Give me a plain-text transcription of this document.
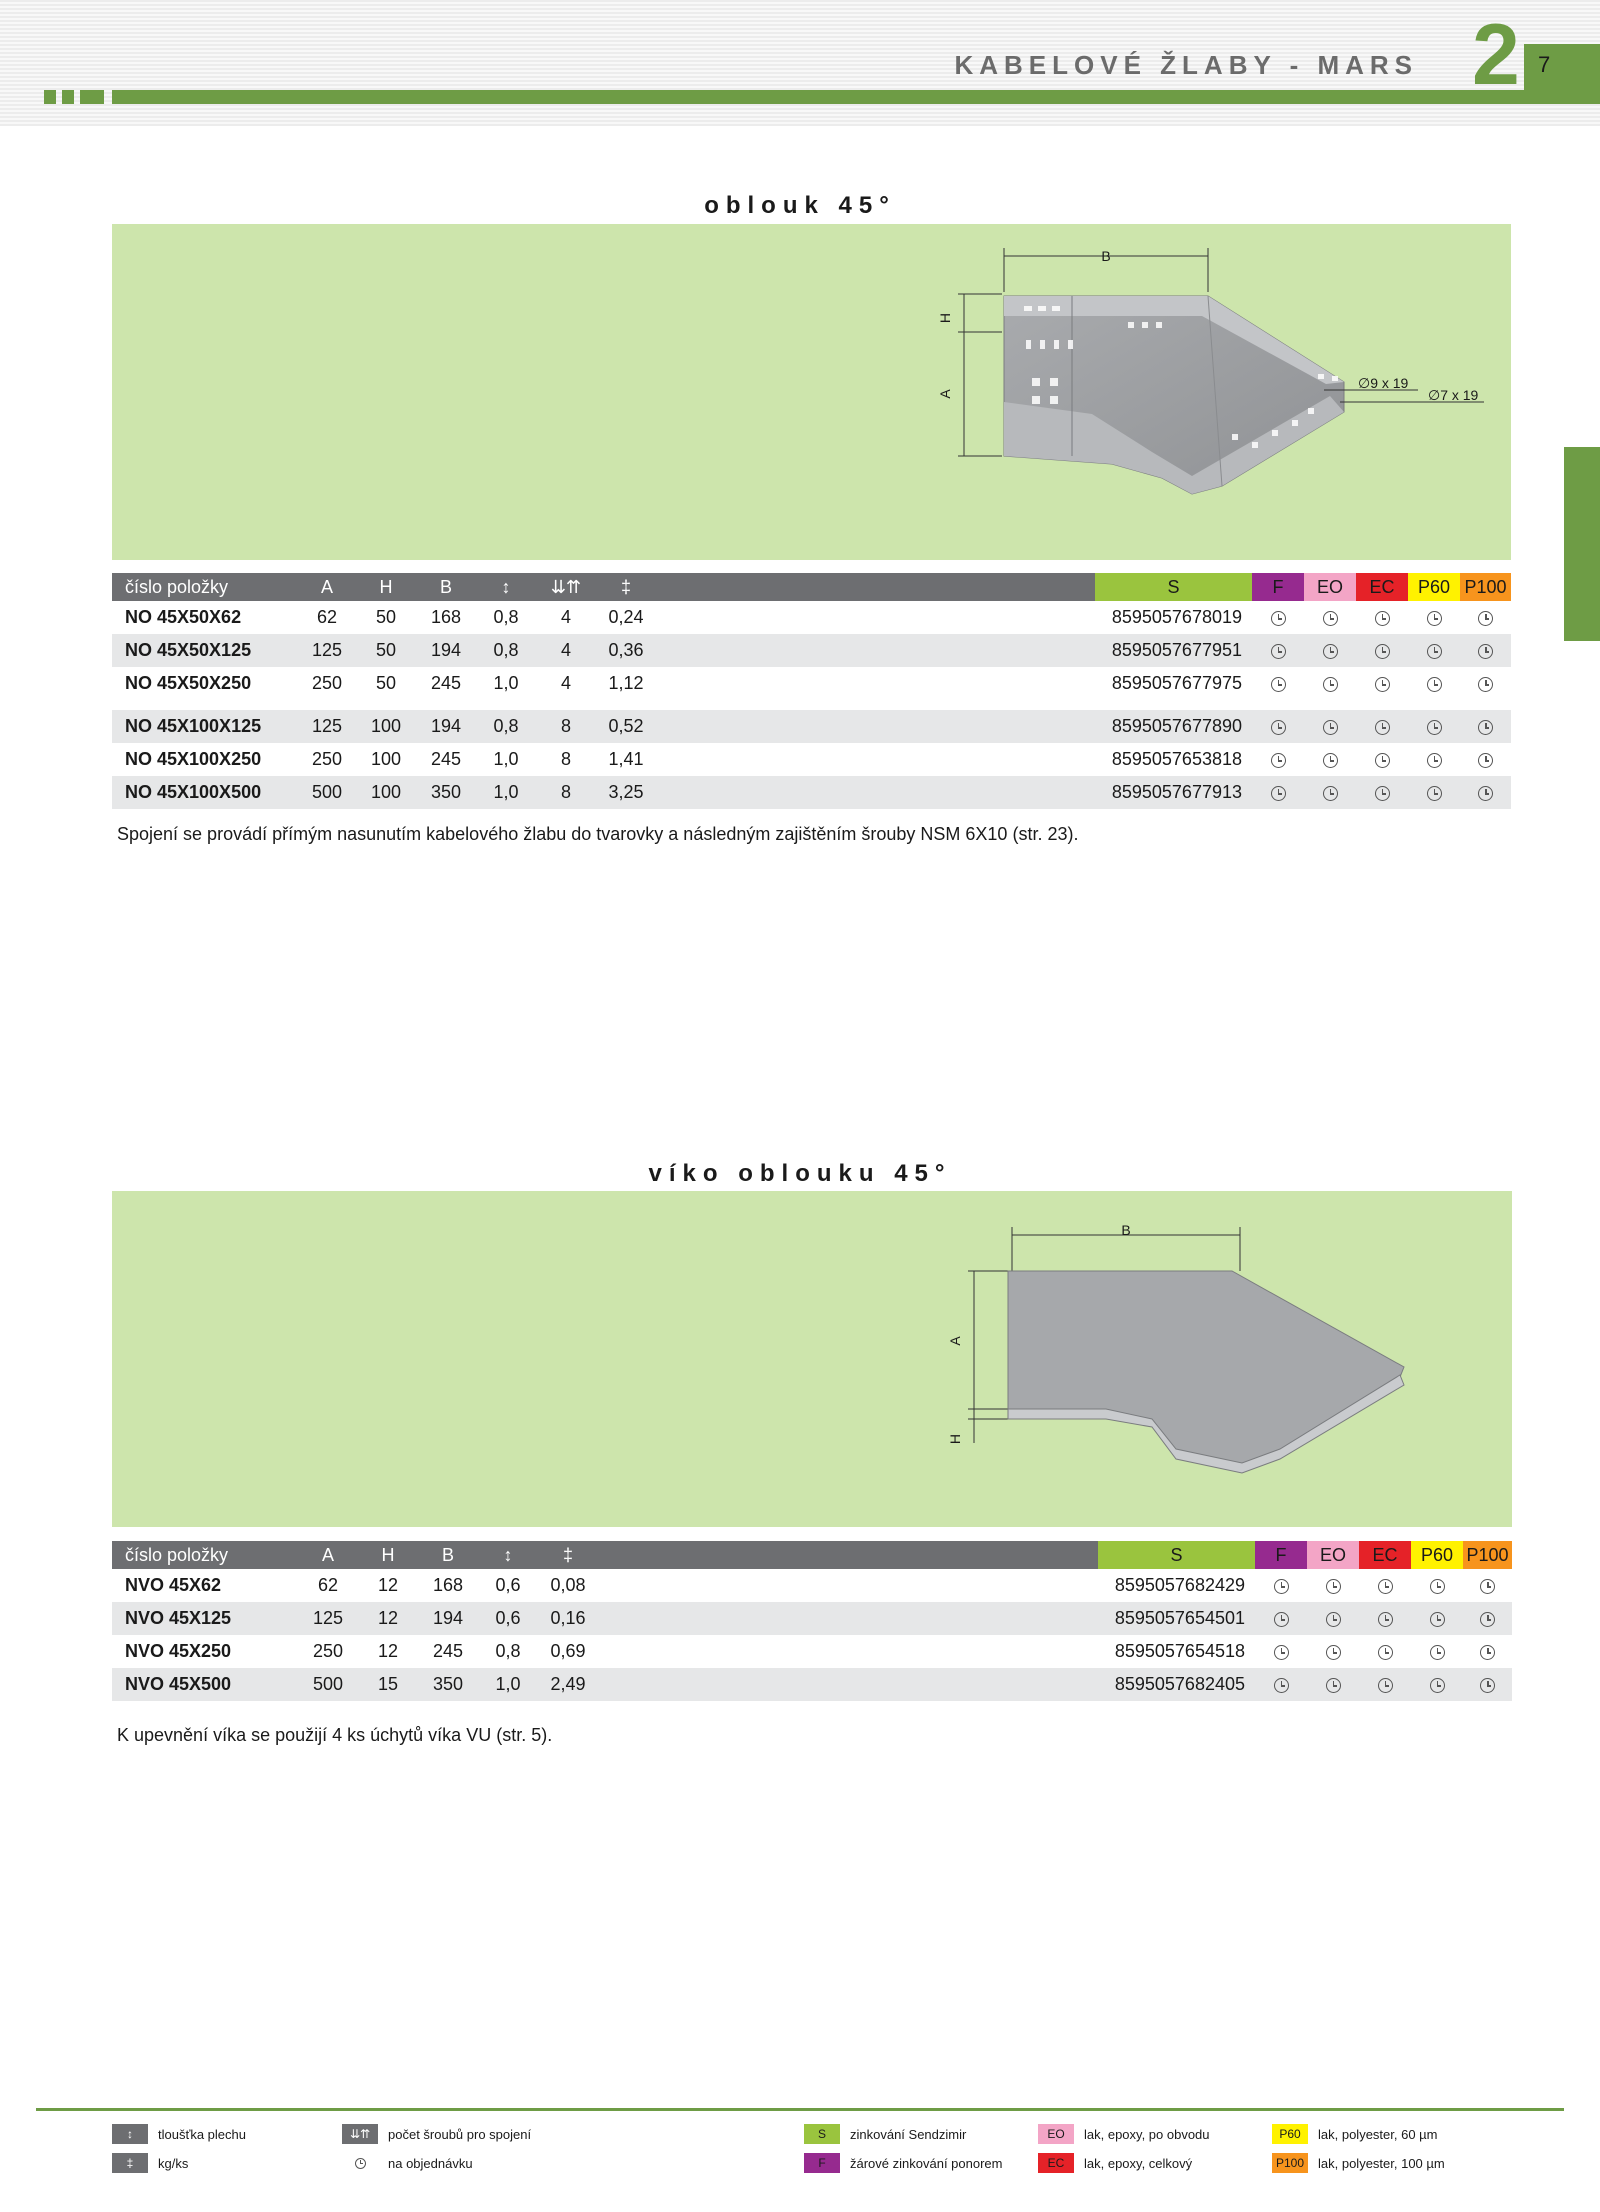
KABELOVÉ ŽLABY - MARS 2 7
oblouk 45°
B
H
A
∅9 x 19
∅7 x 19
číslo položky	A	H	B	↕	⇊⇈	‡		S	F	EO	EC	P60	P100
NO 45X50X62	62	50	168	0,8	4	0,24		8595057678019					
NO 45X50X125	125	50	194	0,8	4	0,36		8595057677951					
NO 45X50X250	250	50	245	1,0	4	1,12		8595057677975					

NO 45X100X125	125	100	194	0,8	8	0,52		8595057677890					
NO 45X100X250	250	100	245	1,0	8	1,41		8595057653818					
NO 45X100X500	500	100	350	1,0	8	3,25		8595057677913					
Spojení se provádí přímým nasunutím kabelového žlabu do tvarovky a následným zajištěním šrouby NSM 6X10 (str. 23).
víko oblouku 45°
B
A
H
číslo položky	A	H	B	↕	‡		S	F	EO	EC	P60	P100
NVO 45X62	62	12	168	0,6	0,08		8595057682429					
NVO 45X125	125	12	194	0,6	0,16		8595057654501					
NVO 45X250	250	12	245	0,8	0,69		8595057654518					
NVO 45X500	500	15	350	1,0	2,49		8595057682405					
K upevnění víka se použijí 4 ks úchytů víka VU (str. 5).
↕	tloušťka plechu
‡	kg/ks
⇊⇈	počet šroubů pro spojení
na objednávku
S	zinkování Sendzimir
F	žárové zinkování ponorem
EO	lak, epoxy, po obvodu
EC	lak, epoxy, celkový
P60	lak, polyester, 60 µm
P100	lak, polyester, 100 µm
